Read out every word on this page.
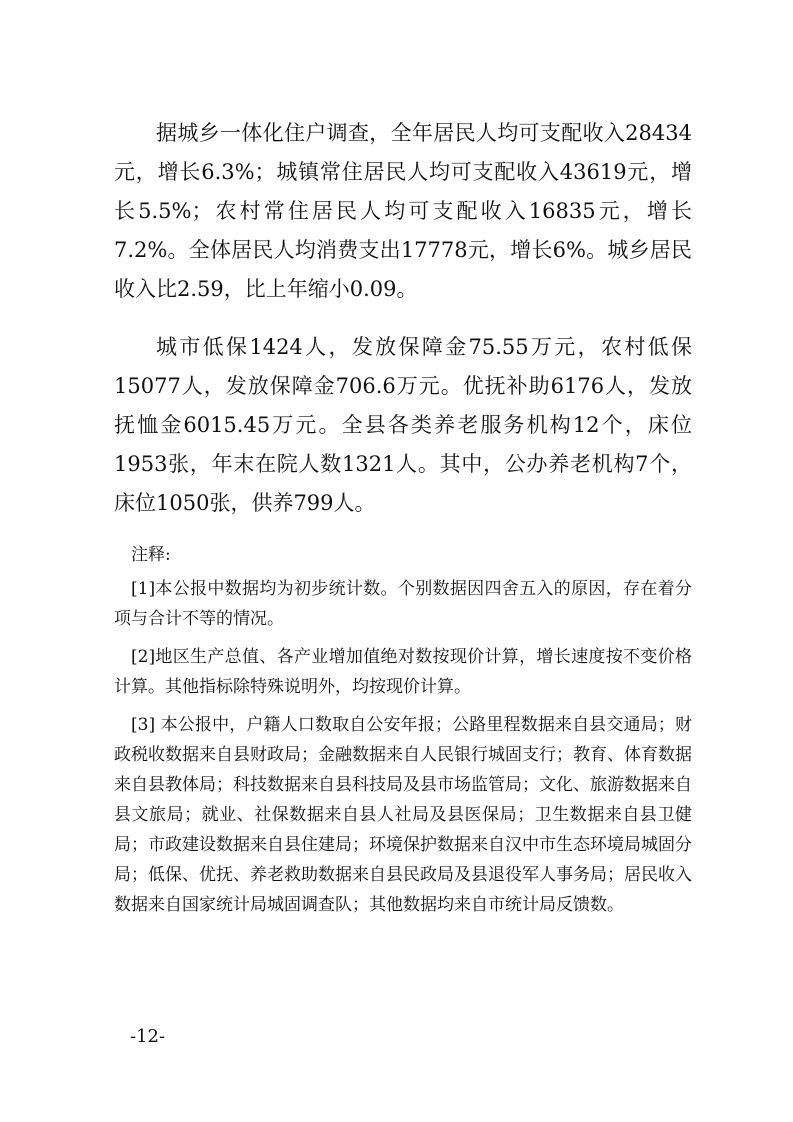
据城乡一体化住户调查，全年居民人均可支配收入28434元，增长6.3%；城镇常住居民人均可支配收入43619元，增长5.5%；农村常住居民人均可支配收入16835元，增长7.2%。全体居民人均消费支出17778元，增长6%。城乡居民收入比2.59，比上年缩小0.09。

城市低保1424人，发放保障金75.55万元，农村低保15077人，发放保障金706.6万元。优抚补助6176人，发放抚恤金6015.45万元。全县各类养老服务机构12个，床位1953张，年末在院人数1321人。其中，公办养老机构7个，床位1050张，供养799人。

注释:

[1]本公报中数据均为初步统计数。个别数据因四舍五入的原因，存在着分项与合计不等的情况。

[2]地区生产总值、各产业增加值绝对数按现价计算，增长速度按不变价格计算。其他指标除特殊说明外，均按现价计算。

[3] 本公报中，户籍人口数取自公安年报；公路里程数据来自县交通局；财政税收数据来自县财政局；金融数据来自人民银行城固支行；教育、体育数据来自县教体局；科技数据来自县科技局及县市场监管局；文化、旅游数据来自县文旅局；就业、社保数据来自县人社局及县医保局；卫生数据来自县卫健局；市政建设数据来自县住建局；环境保护数据来自汉中市生态环境局城固分局；低保、优抚、养老救助数据来自县民政局及县退役军人事务局；居民收入数据来自国家统计局城固调查队；其他数据均来自市统计局反馈数。

-12-
